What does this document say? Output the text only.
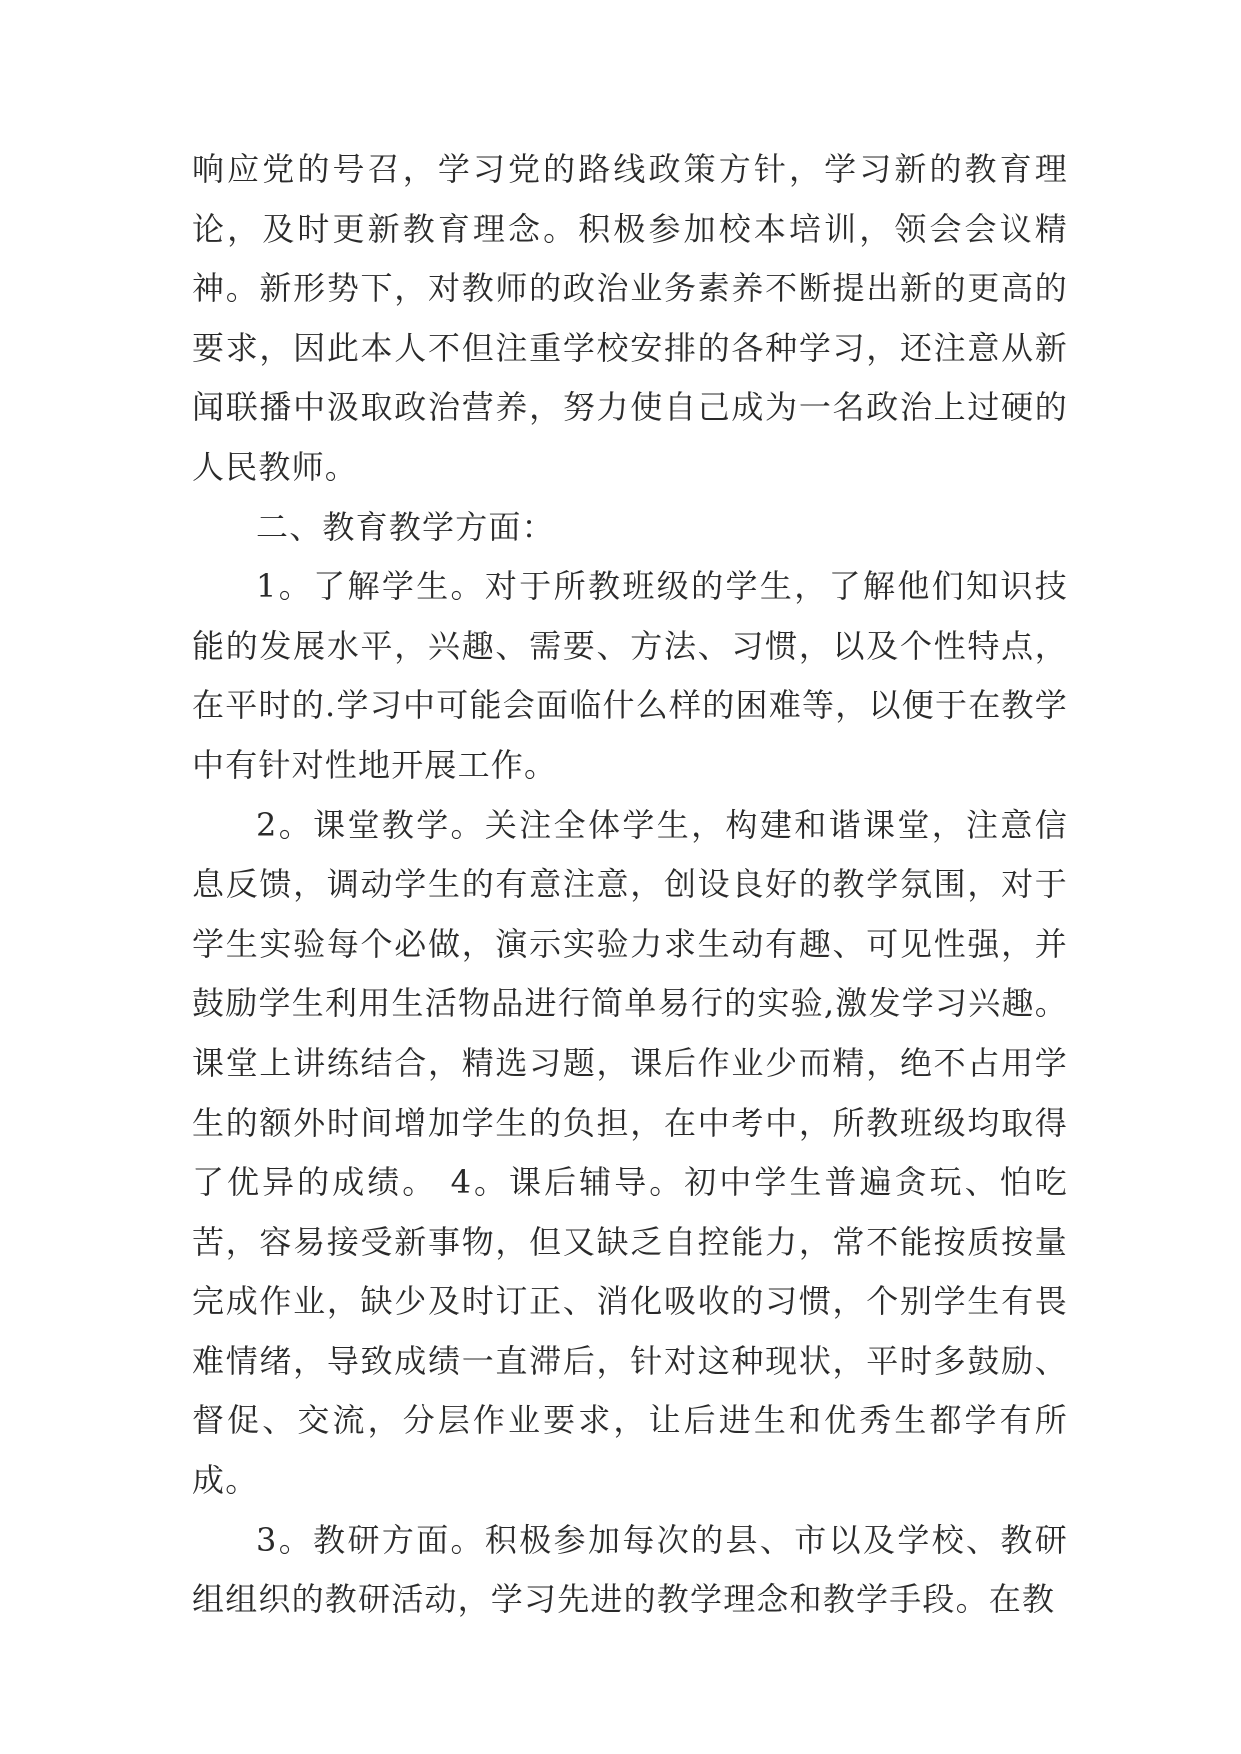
响应党的号召，学习党的路线政策方针，学习新的教育理论，及时更新教育理念。积极参加校本培训，领会会议精神。新形势下，对教师的政治业务素养不断提出新的更高的要求，因此本人不但注重学校安排的各种学习，还注意从新闻联播中汲取政治营养，努力使自己成为一名政治上过硬的人民教师。

二、教育教学方面：

1。了解学生。对于所教班级的学生，了解他们知识技能的发展水平，兴趣、需要、方法、习惯，以及个性特点，在平时的.学习中可能会面临什么样的困难等，以便于在教学中有针对性地开展工作。

2。课堂教学。关注全体学生，构建和谐课堂，注意信息反馈，调动学生的有意注意，创设良好的教学氛围，对于学生实验每个必做，演示实验力求生动有趣、可见性强，并鼓励学生利用生活物品进行简单易行的实验,激发学习兴趣。课堂上讲练结合，精选习题，课后作业少而精，绝不占用学生的额外时间增加学生的负担，在中考中，所教班级均取得了优异的成绩。 4。课后辅导。初中学生普遍贪玩、怕吃苦，容易接受新事物，但又缺乏自控能力，常不能按质按量完成作业，缺少及时订正、消化吸收的习惯，个别学生有畏难情绪，导致成绩一直滞后，针对这种现状，平时多鼓励、督促、交流，分层作业要求，让后进生和优秀生都学有所成。

3。教研方面。积极参加每次的县、市以及学校、教研组组织的教研活动，学习先进的教学理念和教学手段。在教
